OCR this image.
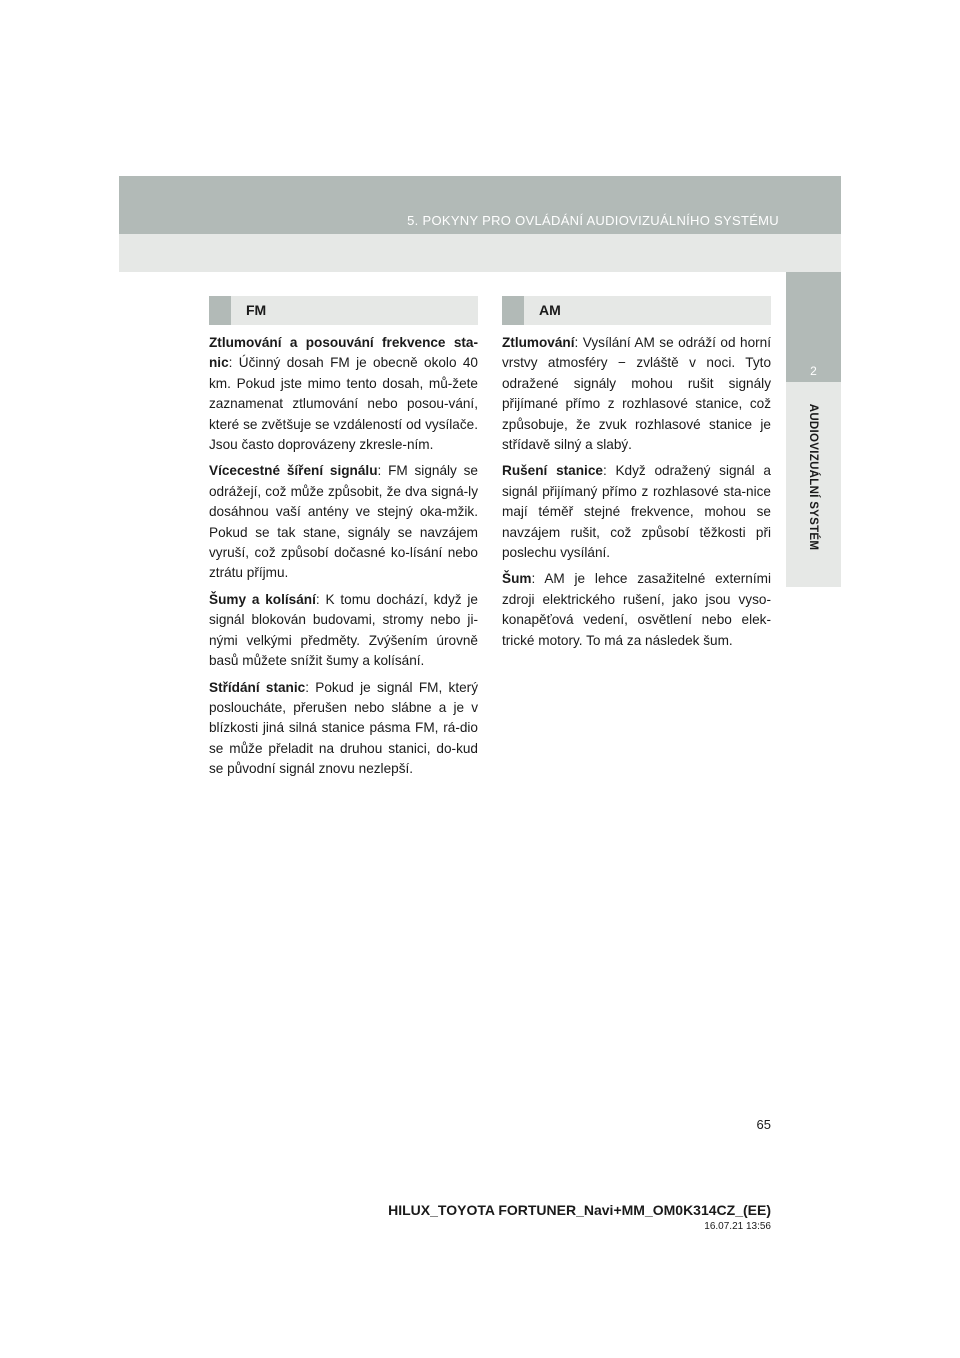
5. POKYNY PRO OVLÁDÁNÍ AUDIOVIZUÁLNÍHO SYSTÉMU
2
AUDIOVIZUÁLNÍ SYSTÉM
FM

Ztlumování a posouvání frekvence sta-nic: Účinný dosah FM je obecně okolo 40 km. Pokud jste mimo tento dosah, mů-žete zaznamenat ztlumování nebo posou-vání, které se zvětšuje se vzdáleností od vysílače. Jsou často doprovázeny zkresle-ním.

Vícecestné šíření signálu: FM signály se odrážejí, což může způsobit, že dva signá-ly dosáhnou vaší antény ve stejný oka-mžik. Pokud se tak stane, signály se navzájem vyruší, což způsobí dočasné ko-lísání nebo ztrátu příjmu.

Šumy a kolísání: K tomu dochází, když je signál blokován budovami, stromy nebo ji-nými velkými předměty. Zvýšením úrovně basů můžete snížit šumy a kolísání.

Střídání stanic: Pokud je signál FM, který posloucháte, přerušen nebo slábne a je v blízkosti jiná silná stanice pásma FM, rá-dio se může přeladit na druhou stanici, do-kud se původní signál znovu nezlepší.

AM

Ztlumování: Vysílání AM se odráží od horní vrstvy atmosféry − zvláště v noci. Tyto odražené signály mohou rušit signály přijímané přímo z rozhlasové stanice, což způsobuje, že zvuk rozhlasové stanice je střídavě silný a slabý.

Rušení stanice: Když odražený signál a signál přijímaný přímo z rozhlasové sta-nice mají téměř stejné frekvence, mohou se navzájem rušit, což způsobí těžkosti při poslechu vysílání.

Šum: AM je lehce zasažitelné externími zdroji elektrického rušení, jako jsou vyso-konapěťová vedení, osvětlení nebo elek-trické motory. To má za následek šum.

65
HILUX_TOYOTA FORTUNER_Navi+MM_OM0K314CZ_(EE)
16.07.21 13:56
